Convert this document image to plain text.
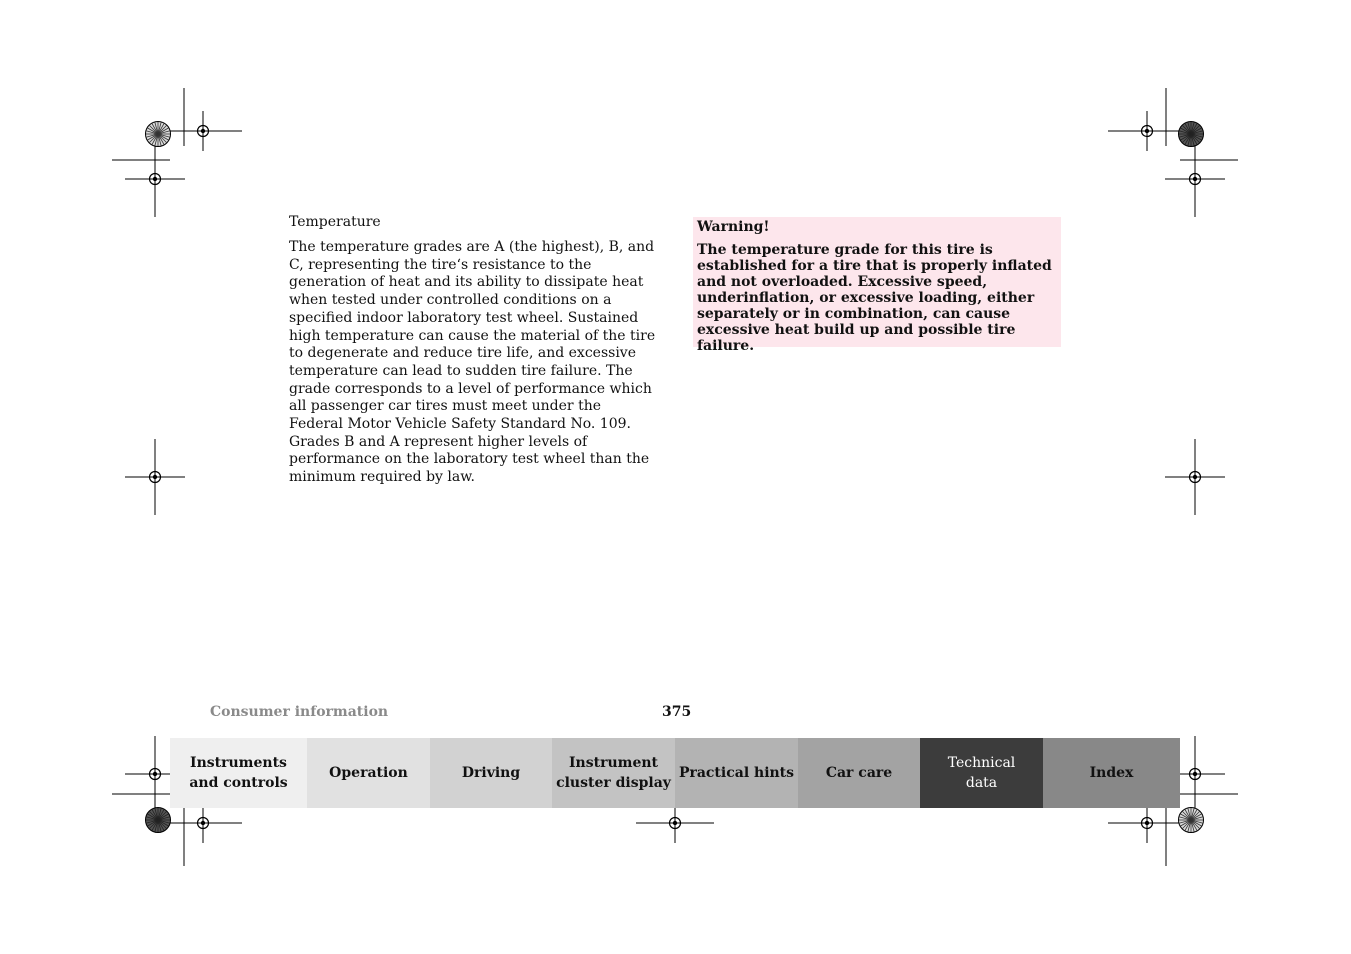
Temperature

The temperature grades are A (the highest), B, and C, representing the tire‘s resistance to the generation of heat and its ability to dissipate heat when tested under controlled conditions on a specified indoor laboratory test wheel. Sustained high temperature can cause the material of the tire to degenerate and reduce tire life, and excessive temperature can lead to sudden tire failure. The grade corresponds to a level of performance which all passenger car tires must meet under the Federal Motor Vehicle Safety Standard No. 109. Grades B and A represent higher levels of performance on the laboratory test wheel than the minimum required by law.

Warning!

The temperature grade for this tire is established for a tire that is properly inflated and not overloaded. Excessive speed, underinflation, or excessive loading, either separately or in combination, can cause excessive heat build up and possible tire failure.

Consumer information	375
Instruments
and controls
Operation	Driving
Instrument
cluster display
Practical hints	Car care
Technical
data
Index
